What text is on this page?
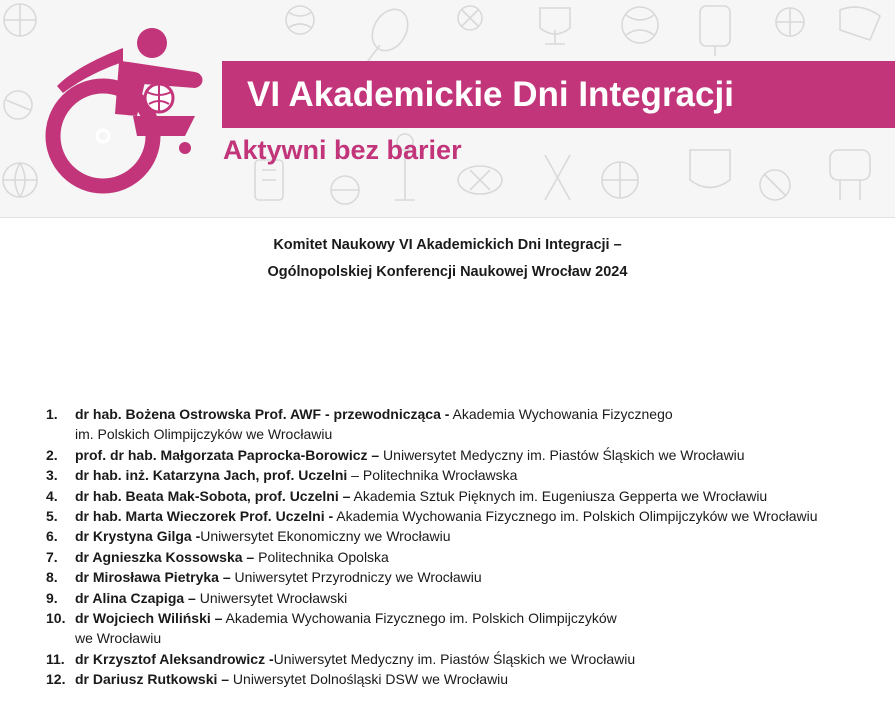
VI Akademickie Dni Integracji
Aktywni bez barier
Komitet Naukowy VI Akademickich Dni Integracji –
Ogólnopolskiej Konferencji Naukowej Wrocław 2024
1. dr hab. Bożena Ostrowska Prof. AWF - przewodnicząca - Akademia Wychowania Fizycznego
im. Polskich Olimpijczyków we Wrocławiu
2. prof. dr hab. Małgorzata Paprocka-Borowicz – Uniwersytet Medyczny im. Piastów Śląskich we Wrocławiu
3. dr hab. inż. Katarzyna Jach, prof. Uczelni – Politechnika Wrocławska
4. dr hab. Beata Mak-Sobota, prof. Uczelni – Akademia Sztuk Pięknych im. Eugeniusza Gepperta we Wrocławiu
5. dr hab. Marta Wieczorek Prof. Uczelni - Akademia Wychowania Fizycznego im. Polskich Olimpijczyków we Wrocławiu
6. dr Krystyna Gilga -Uniwersytet Ekonomiczny we Wrocławiu
7. dr Agnieszka Kossowska – Politechnika Opolska
8. dr Mirosława Pietryka – Uniwersytet Przyrodniczy we Wrocławiu
9. dr Alina Czapiga – Uniwersytet Wrocławski
10. dr Wojciech Wiliński – Akademia Wychowania Fizycznego im. Polskich Olimpijczyków
we Wrocławiu
11. dr Krzysztof Aleksandrowicz -Uniwersytet Medyczny im. Piastów Śląskich we Wrocławiu
12. dr Dariusz Rutkowski – Uniwersytet Dolnośląski DSW we Wrocławiu
